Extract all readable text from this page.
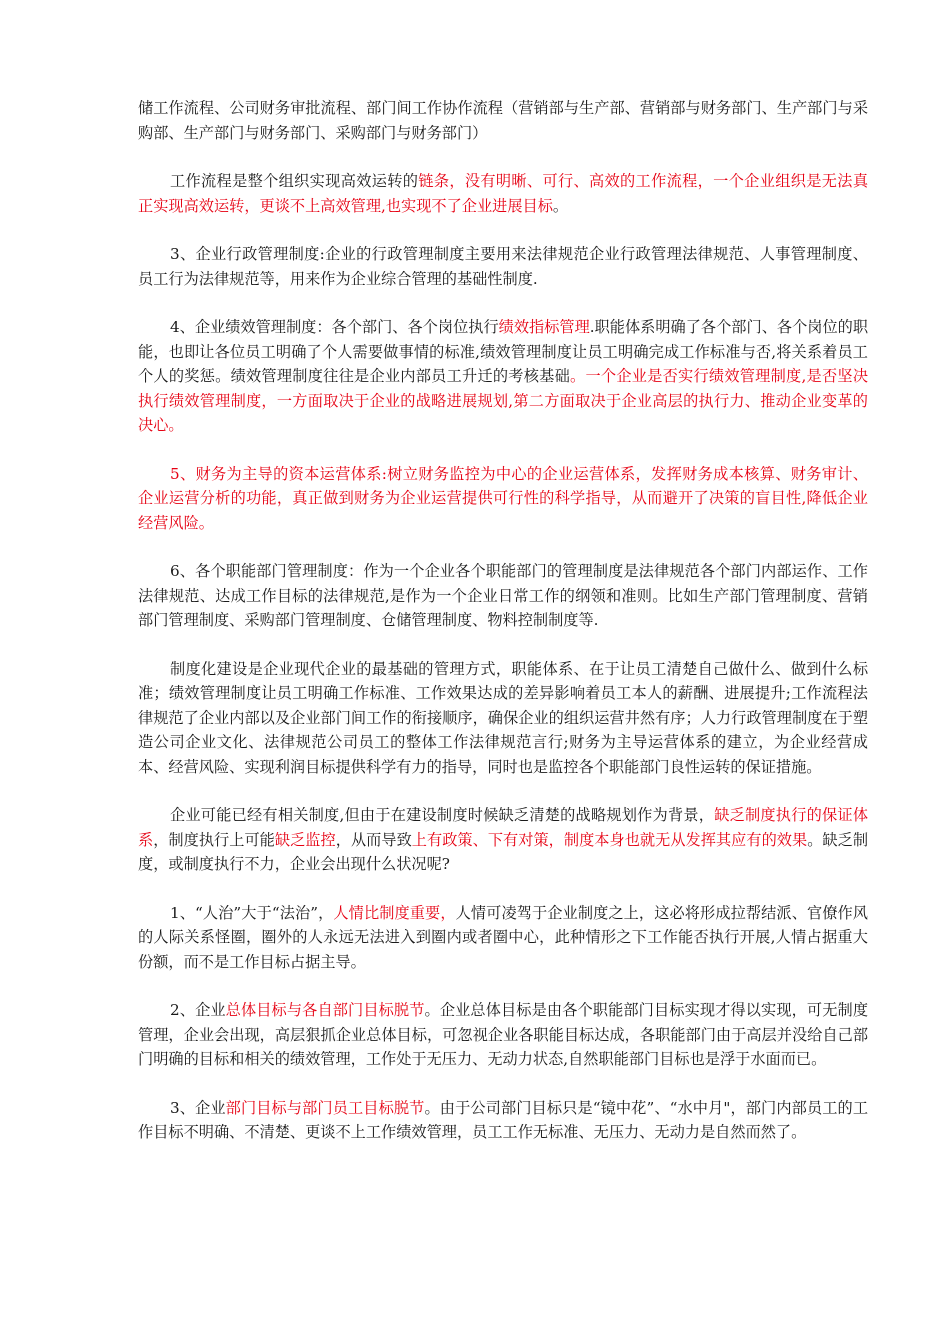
储工作流程、公司财务审批流程、部门间工作协作流程（营销部与生产部、营销部与财务部门、生产部门与采购部、生产部门与财务部门、采购部门与财务部门）

工作流程是整个组织实现高效运转的链条，没有明晰、可行、高效的工作流程，一个企业组织是无法真正实现高效运转，更谈不上高效管理,也实现不了企业进展目标。

3、企业行政管理制度:企业的行政管理制度主要用来法律规范企业行政管理法律规范、人事管理制度、员工行为法律规范等，用来作为企业综合管理的基础性制度.

4、企业绩效管理制度：各个部门、各个岗位执行绩效指标管理.职能体系明确了各个部门、各个岗位的职能，也即让各位员工明确了个人需要做事情的标准,绩效管理制度让员工明确完成工作标准与否,将关系着员工个人的奖惩。绩效管理制度往往是企业内部员工升迁的考核基础。一个企业是否实行绩效管理制度,是否坚决执行绩效管理制度，一方面取决于企业的战略进展规划,第二方面取决于企业高层的执行力、推动企业变革的决心。

5、财务为主导的资本运营体系:树立财务监控为中心的企业运营体系，发挥财务成本核算、财务审计、企业运营分析的功能，真正做到财务为企业运营提供可行性的科学指导，从而避开了决策的盲目性,降低企业经营风险。

6、各个职能部门管理制度：作为一个企业各个职能部门的管理制度是法律规范各个部门内部运作、工作法律规范、达成工作目标的法律规范,是作为一个企业日常工作的纲领和准则。比如生产部门管理制度、营销部门管理制度、采购部门管理制度、仓储管理制度、物料控制制度等.

制度化建设是企业现代企业的最基础的管理方式，职能体系、在于让员工清楚自己做什么、做到什么标准；绩效管理制度让员工明确工作标准、工作效果达成的差异影响着员工本人的薪酬、进展提升;工作流程法律规范了企业内部以及企业部门间工作的衔接顺序，确保企业的组织运营井然有序；人力行政管理制度在于塑造公司企业文化、法律规范公司员工的整体工作法律规范言行;财务为主导运营体系的建立，为企业经营成本、经营风险、实现利润目标提供科学有力的指导，同时也是监控各个职能部门良性运转的保证措施。

企业可能已经有相关制度,但由于在建设制度时候缺乏清楚的战略规划作为背景，缺乏制度执行的保证体系，制度执行上可能缺乏监控，从而导致上有政策、下有对策，制度本身也就无从发挥其应有的效果。缺乏制度，或制度执行不力，企业会出现什么状况呢?

1、“人治”大于“法治”，人情比制度重要，人情可凌驾于企业制度之上，这必将形成拉帮结派、官僚作风的人际关系怪圈，圈外的人永远无法进入到圈内或者圈中心，此种情形之下工作能否执行开展,人情占据重大份额，而不是工作目标占据主导。

2、企业总体目标与各自部门目标脱节。企业总体目标是由各个职能部门目标实现才得以实现，可无制度管理，企业会出现，高层狠抓企业总体目标，可忽视企业各职能目标达成，各职能部门由于高层并没给自己部门明确的目标和相关的绩效管理，工作处于无压力、无动力状态,自然职能部门目标也是浮于水面而已。

3、企业部门目标与部门员工目标脱节。由于公司部门目标只是“镜中花”、“水中月"，部门内部员工的工作目标不明确、不清楚、更谈不上工作绩效管理，员工工作无标准、无压力、无动力是自然而然了。
